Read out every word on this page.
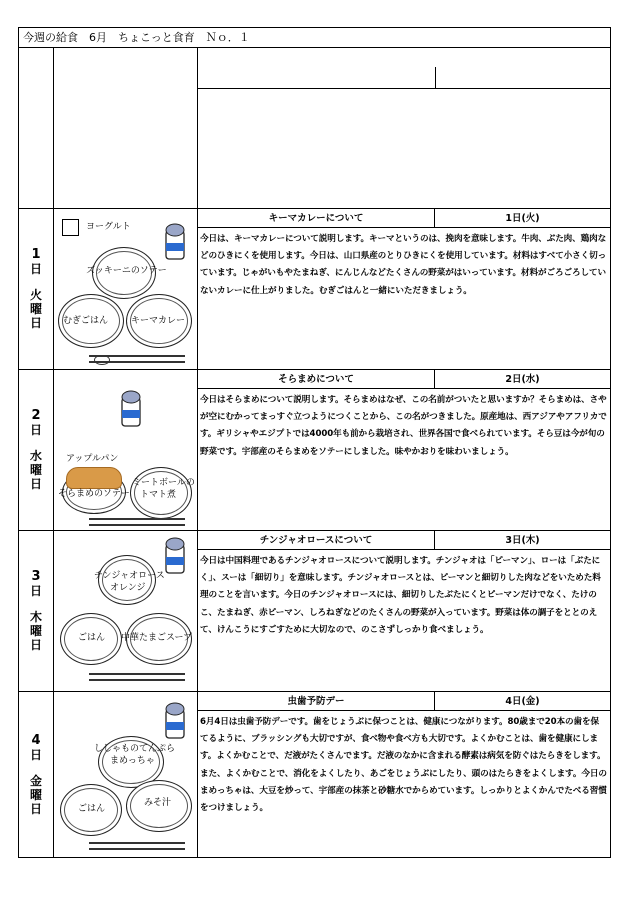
今週の給食　6月　ちょこっと食育　Ｎｏ．１
1
日
火
曜
日
ヨーグルト
ズッキーニのソテー
むぎごはん	キーマカレー
キーマカレーについて	1日(火)
今日は、キーマカレーについて説明します。キーマというのは、挽肉を意味します。牛肉、ぶた肉、鶏肉などのひきにくを使用します。今日は、山口県産のとりひきにくを使用しています。材料はすべて小さく切っています。じゃがいもやたまねぎ、にんじんなどたくさんの野菜がはいっています。材料がごろごろしていないカレーに仕上がりました。むぎごはんと一緒にいただきましょう。
2
日
水
曜
日
アップルパン
そらまめのソテー
ミートボールの
トマト煮
そらまめについて	2日(水)
今日はそらまめについて説明します。そらまめはなぜ、この名前がついたと思いますか？そらまめは、さやが空にむかってまっすぐ立つようにつくことから、この名がつきました。原産地は、西アジアやアフリカです。ギリシャやエジプトでは4000年も前から栽培され、世界各国で食べられています。そら豆は今が旬の野菜です。宇部産のそらまめをソテーにしました。味やかおりを味わいましょう。
3
日
木
曜
日
チンジャオロース
オレンジ
ごはん 中華たまごスープ
チンジャオロースについて	3日(木)
今日は中国料理であるチンジャオロースについて説明します。チンジャオは「ピーマン」、ローは「ぶたにく」、スーは「細切り」を意味します。チンジャオロースとは、ピーマンと細切りした肉などをいためた料理のことを言います。今日のチンジャオロースには、細切りしたぶたにくとピーマンだけでなく、たけのこ、たまねぎ、赤ピーマン、しろねぎなどのたくさんの野菜が入っています。野菜は体の調子をととのえて、けんこうにすごすために大切なので、のこさずしっかり食べましょう。
4
日
金
曜
日
ししゃものてんぷら
まめっちゃ
ごはん
みそ汁
虫歯予防デー	4日(金)
6月4日は虫歯予防デーです。歯をじょうぶに保つことは、健康につながります。80歳まで20本の歯を保てるように、ブラッシングも大切ですが、食べ物や食べ方も大切です。よくかむことは、歯を健康にします。よくかむことで、だ液がたくさんでます。だ液のなかに含まれる酵素は病気を防ぐはたらきをします。また、よくかむことで、消化をよくしたり、あごをじょうぶにしたり、頭のはたらきをよくします。今日のまめっちゃは、大豆を炒って、宇部産の抹茶と砂糖水でからめています。しっかりとよくかんでたべる習慣をつけましょう。
